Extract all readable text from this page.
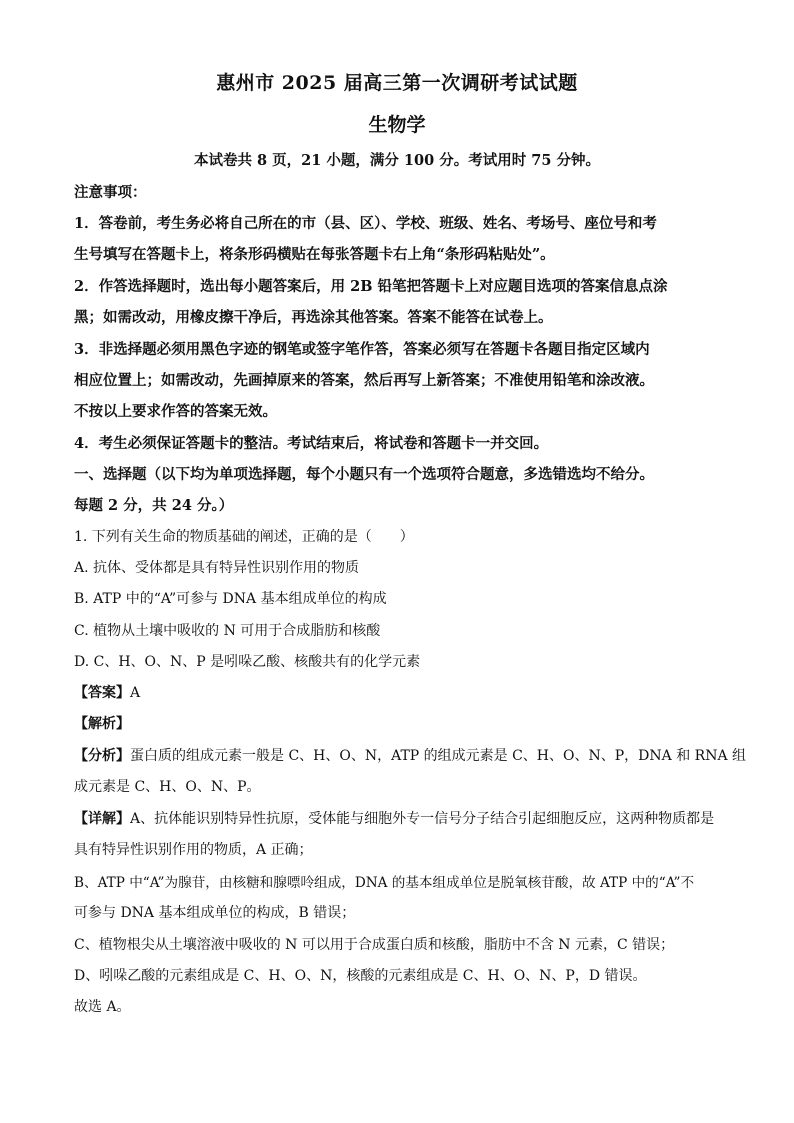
惠州市 2025 届高三第一次调研考试试题
生物学
本试卷共 8 页，21 小题，满分 100 分。考试用时 75 分钟。
注意事项：
1．答卷前，考生务必将自己所在的市（县、区）、学校、班级、姓名、考场号、座位号和考
生号填写在答题卡上，将条形码横贴在每张答题卡右上角“条形码粘贴处”。
2．作答选择题时，选出每小题答案后，用 2B 铅笔把答题卡上对应题目选项的答案信息点涂
黑；如需改动，用橡皮擦干净后，再选涂其他答案。答案不能答在试卷上。
3．非选择题必须用黑色字迹的钢笔或签字笔作答，答案必须写在答题卡各题目指定区域内
相应位置上；如需改动，先画掉原来的答案，然后再写上新答案；不准使用铅笔和涂改液。
不按以上要求作答的答案无效。
4．考生必须保证答题卡的整洁。考试结束后，将试卷和答题卡一并交回。
一、选择题（以下均为单项选择题，每个小题只有一个选项符合题意，多选错选均不给分。
每题 2 分，共 24 分。）
1. 下列有关生命的物质基础的阐述，正确的是（　　）
A. 抗体、受体都是具有特异性识别作用的物质
B. ATP 中的“A”可参与 DNA 基本组成单位的构成
C. 植物从土壤中吸收的 N 可用于合成脂肪和核酸
D. C、H、O、N、P 是吲哚乙酸、核酸共有的化学元素
【答案】A
【解析】
【分析】蛋白质的组成元素一般是 C、H、O、N，ATP 的组成元素是 C、H、O、N、P，DNA 和 RNA 组
成元素是 C、H、O、N、P。
【详解】A、抗体能识别特异性抗原，受体能与细胞外专一信号分子结合引起细胞反应，这两种物质都是
具有特异性识别作用的物质，A 正确；
B、ATP 中“A”为腺苷，由核糖和腺嘌呤组成，DNA 的基本组成单位是脱氧核苷酸，故 ATP 中的“A”不
可参与 DNA 基本组成单位的构成，B 错误；
C、植物根尖从土壤溶液中吸收的 N 可以用于合成蛋白质和核酸，脂肪中不含 N 元素，C 错误；
D、吲哚乙酸的元素组成是 C、H、O、N，核酸的元素组成是 C、H、O、N、P，D 错误。
故选 A。
